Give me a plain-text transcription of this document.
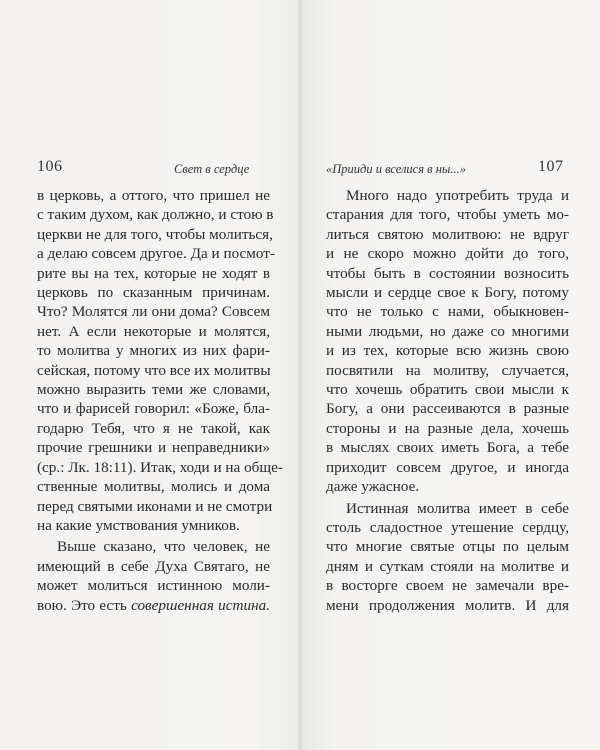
106	Свет в сердце	«Прииди и вселися в ны...»	107
в церковь, а оттого, что пришел не
с таким духом, как должно, и стою в
церкви не для того, чтобы молиться,
а делаю совсем другое. Да и посмот-
рите вы на тех, которые не ходят в
церковь по сказанным причинам.
Что? Молятся ли они дома? Совсем
нет. А если некоторые и молятся,
то молитва у многих из них фари-
сейская, потому что все их молитвы
можно выразить теми же словами,
что и фарисей говорил: «Боже, бла-
годарю Тебя, что я не такой, как
прочие грешники и неправедники»
(ср.: Лк. 18:11). Итак, ходи и на обще-
ственные молитвы, молись и дома
перед святыми иконами и не смотри
на какие умствования умников.
Выше сказано, что человек, не
имеющий в себе Духа Святаго, не
может молиться истинною моли-
вою. Это есть совершенная истина.
Много надо употребить труда и
старания для того, чтобы уметь мо-
литься святою молитвою: не вдруг
и не скоро можно дойти до того,
чтобы быть в состоянии возносить
мысли и сердце свое к Богу, потому
что не только с нами, обыкновен-
ными людьми, но даже со многими
и из тех, которые всю жизнь свою
посвятили на молитву, случается,
что хочешь обратить свои мысли к
Богу, а они рассеиваются в разные
стороны и на разные дела, хочешь
в мыслях своих иметь Бога, а тебе
приходит совсем другое, и иногда
даже ужасное.
Истинная молитва имеет в себе
столь сладостное утешение сердцу,
что многие святые отцы по целым
дням и суткам стояли на молитве и
в восторге своем не замечали вре-
мени продолжения молитв. И для
